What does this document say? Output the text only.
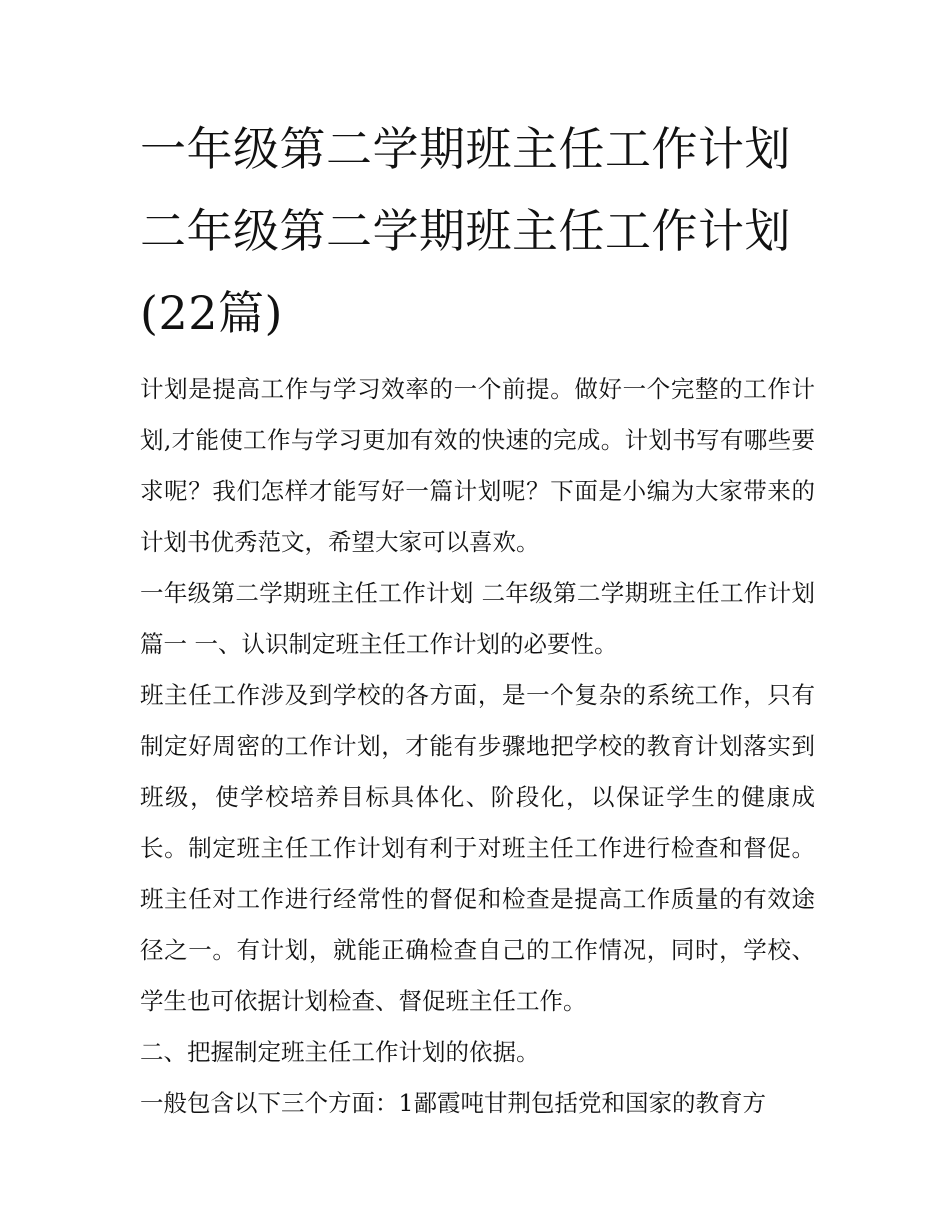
一年级第二学期班主任工作计划 二年级第二学期班主任工作计划(22篇)

计划是提高工作与学习效率的一个前提。做好一个完整的工作计划,才能使工作与学习更加有效的快速的完成。计划书写有哪些要求呢？我们怎样才能写好一篇计划呢？下面是小编为大家带来的计划书优秀范文，希望大家可以喜欢。

一年级第二学期班主任工作计划 二年级第二学期班主任工作计划篇一 一、认识制定班主任工作计划的必要性。

班主任工作涉及到学校的各方面，是一个复杂的系统工作，只有制定好周密的工作计划，才能有步骤地把学校的教育计划落实到班级，使学校培养目标具体化、阶段化，以保证学生的健康成长。制定班主任工作计划有利于对班主任工作进行检查和督促。班主任对工作进行经常性的督促和检查是提高工作质量的有效途径之一。有计划，就能正确检查自己的工作情况，同时，学校、学生也可依据计划检查、督促班主任工作。

二、把握制定班主任工作计划的依据。

一般包含以下三个方面：1鄙霞吨甘荆包括党和国家的教育方
